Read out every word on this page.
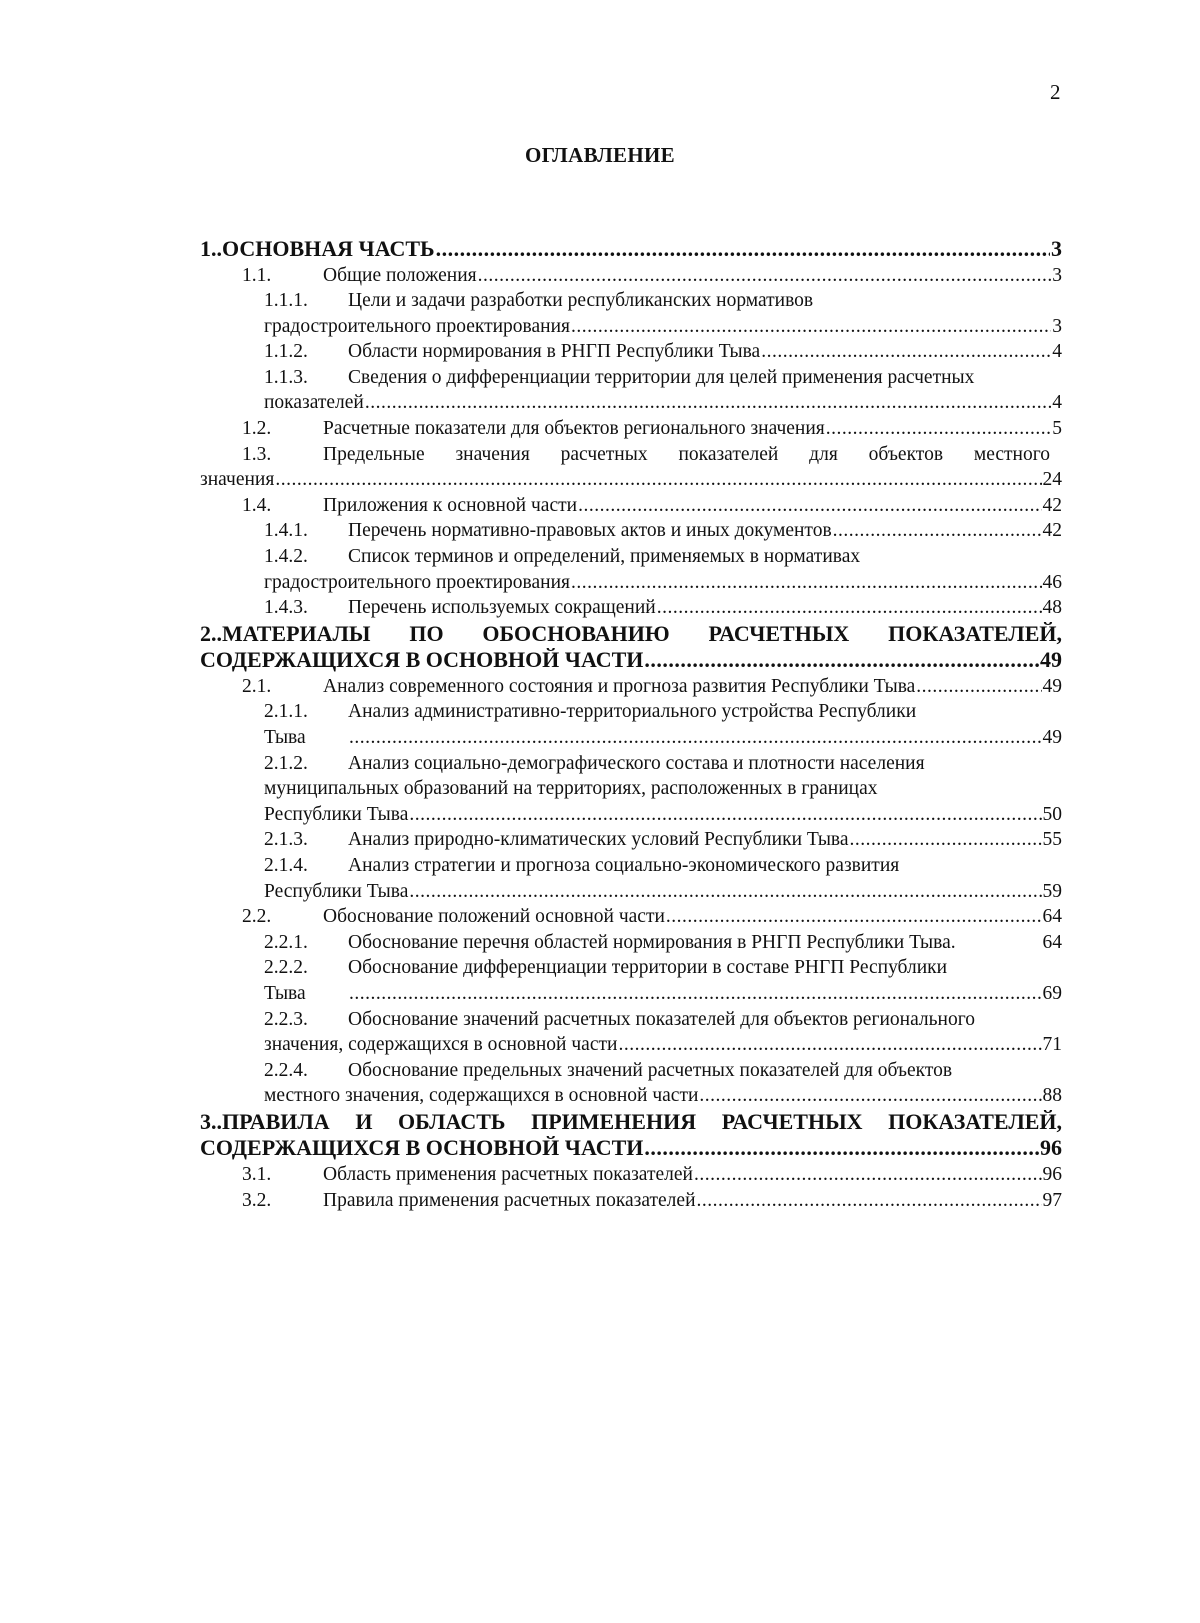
2
ОГЛАВЛЕНИЕ
1..ОСНОВНАЯ ЧАСТЬ .....	3
1.1.	Общие положения .....	3
1.1.1. Цели и задачи разработки республиканских нормативов
градостроительного проектирования .....	3
1.1.2. Области нормирования в РНГП Республики Тыва .....	4
1.1.3. Сведения о дифференциации территории для целей применения расчетных
показателей .....	4
1.2.	Расчетные показатели для объектов регионального значения .....	5
1.3.	Предельные значения расчетных показателей для объектов местного
значения .....	24
1.4.	Приложения к основной части .....	42
1.4.1. Перечень нормативно-правовых актов и иных документов .....	42
1.4.2. Список терминов и определений, применяемых в нормативах
градостроительного проектирования .....	46
1.4.3. Перечень используемых сокращений .....	48
2..МАТЕРИАЛЫ ПО ОБОСНОВАНИЮ РАСЧЕТНЫХ ПОКАЗАТЕЛЕЙ,
СОДЕРЖАЩИХСЯ В ОСНОВНОЙ ЧАСТИ .....	49
2.1.	Анализ современного состояния и прогноза развития Республики Тыва .....	49
2.1.1. Анализ административно-территориального устройства Республики
Тыва .....	49
2.1.2. Анализ социально-демографического состава и плотности населения
муниципальных образований на территориях, расположенных в границах
Республики Тыва .....	50
2.1.3. Анализ природно-климатических условий Республики Тыва .....	55
2.1.4. Анализ стратегии и прогноза социально-экономического развития
Республики Тыва .....	59
2.2.	Обоснование положений основной части .....	64
2.2.1. Обоснование перечня областей нормирования в РНГП Республики Тыва.	64
2.2.2. Обоснование дифференциации территории в составе РНГП Республики
Тыва .....	69
2.2.3. Обоснование значений расчетных показателей для объектов регионального
значения, содержащихся в основной части .....	71
2.2.4. Обоснование предельных значений расчетных показателей для объектов
местного значения, содержащихся в основной части .....	88
3..ПРАВИЛА И ОБЛАСТЬ ПРИМЕНЕНИЯ РАСЧЕТНЫХ ПОКАЗАТЕЛЕЙ,
СОДЕРЖАЩИХСЯ В ОСНОВНОЙ ЧАСТИ .....	96
3.1.	Область применения расчетных показателей .....	96
3.2.	Правила применения расчетных показателей .....	97
